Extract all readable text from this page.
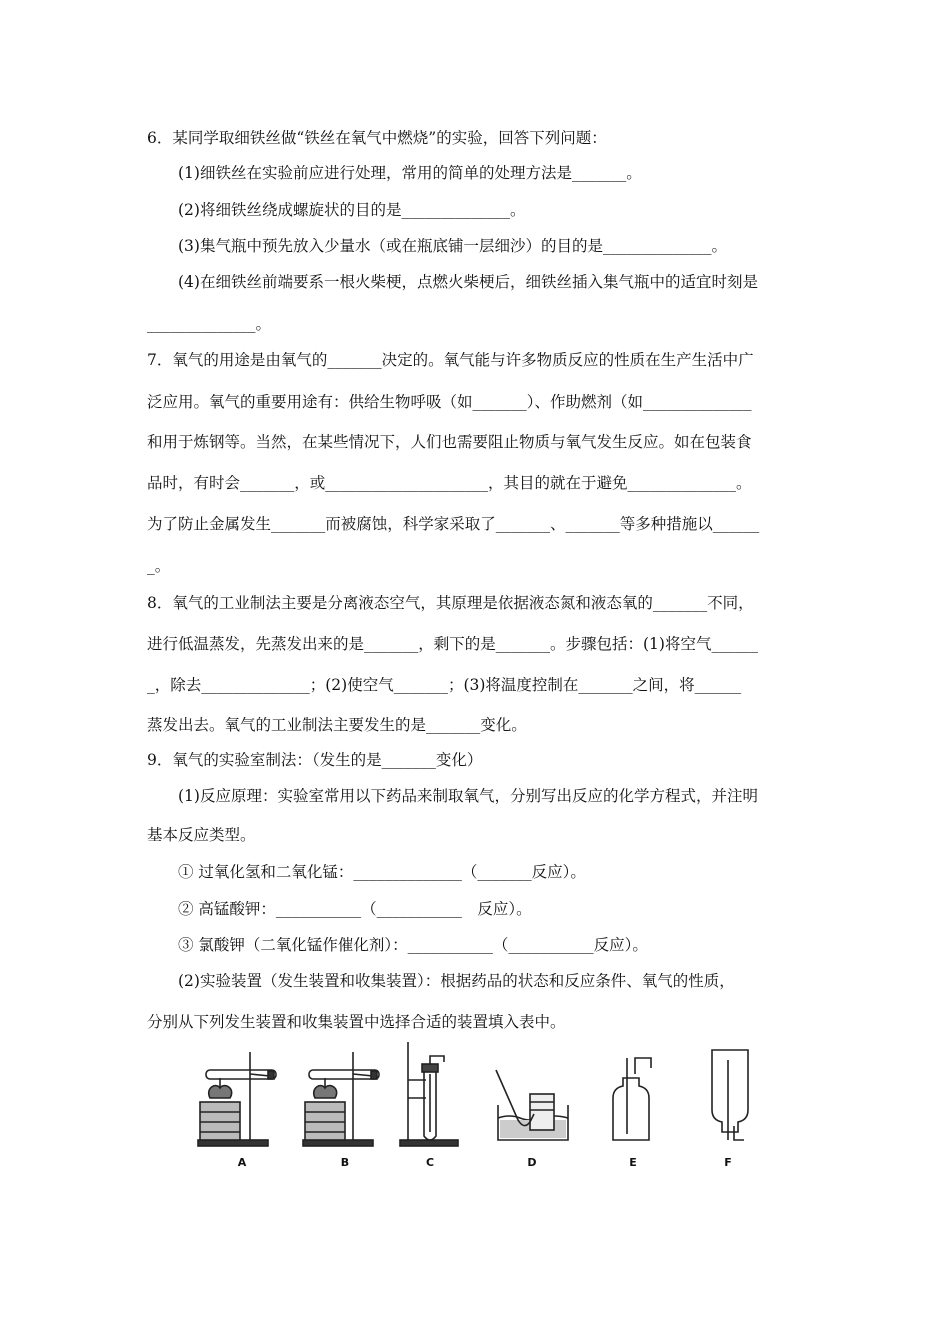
6．某同学取细铁丝做“铁丝在氧气中燃烧”的实验，回答下列问题：
(1)细铁丝在实验前应进行处理，常用的简单的处理方法是_______。
(2)将细铁丝绕成螺旋状的目的是______________。
(3)集气瓶中预先放入少量水（或在瓶底铺一层细沙）的目的是______________。
(4)在细铁丝前端要系一根火柴梗，点燃火柴梗后，细铁丝插入集气瓶中的适宜时刻是
______________。
7．氧气的用途是由氧气的_______决定的。氧气能与许多物质反应的性质在生产生活中广
泛应用。氧气的重要用途有：供给生物呼吸（如_______）、作助燃剂（如______________
和用于炼钢等。当然，在某些情况下，人们也需要阻止物质与氧气发生反应。如在包装食
品时，有时会_______，或_____________________，其目的就在于避免______________。
为了防止金属发生_______而被腐蚀，科学家采取了_______、_______等多种措施以______
_。
8．氧气的工业制法主要是分离液态空气，其原理是依据液态氮和液态氧的_______不同，
进行低温蒸发，先蒸发出来的是_______，剩下的是_______。步骤包括：(1)将空气______
_，除去______________；(2)使空气_______；(3)将温度控制在_______之间，将______
蒸发出去。氧气的工业制法主要发生的是_______变化。
9．氧气的实验室制法：（发生的是_______变化）
(1)反应原理：实验室常用以下药品来制取氧气，分别写出反应的化学方程式，并注明
基本反应类型。
① 过氧化氢和二氧化锰：______________（_______反应）。
② 高锰酸钾：___________（___________　反应）。
③ 氯酸钾（二氧化锰作催化剂）：___________（___________反应）。
(2)实验装置（发生装置和收集装置）：根据药品的状态和反应条件、氧气的性质，
分别从下列发生装置和收集装置中选择合适的装置填入表中。
A	B	C	D	E	F
